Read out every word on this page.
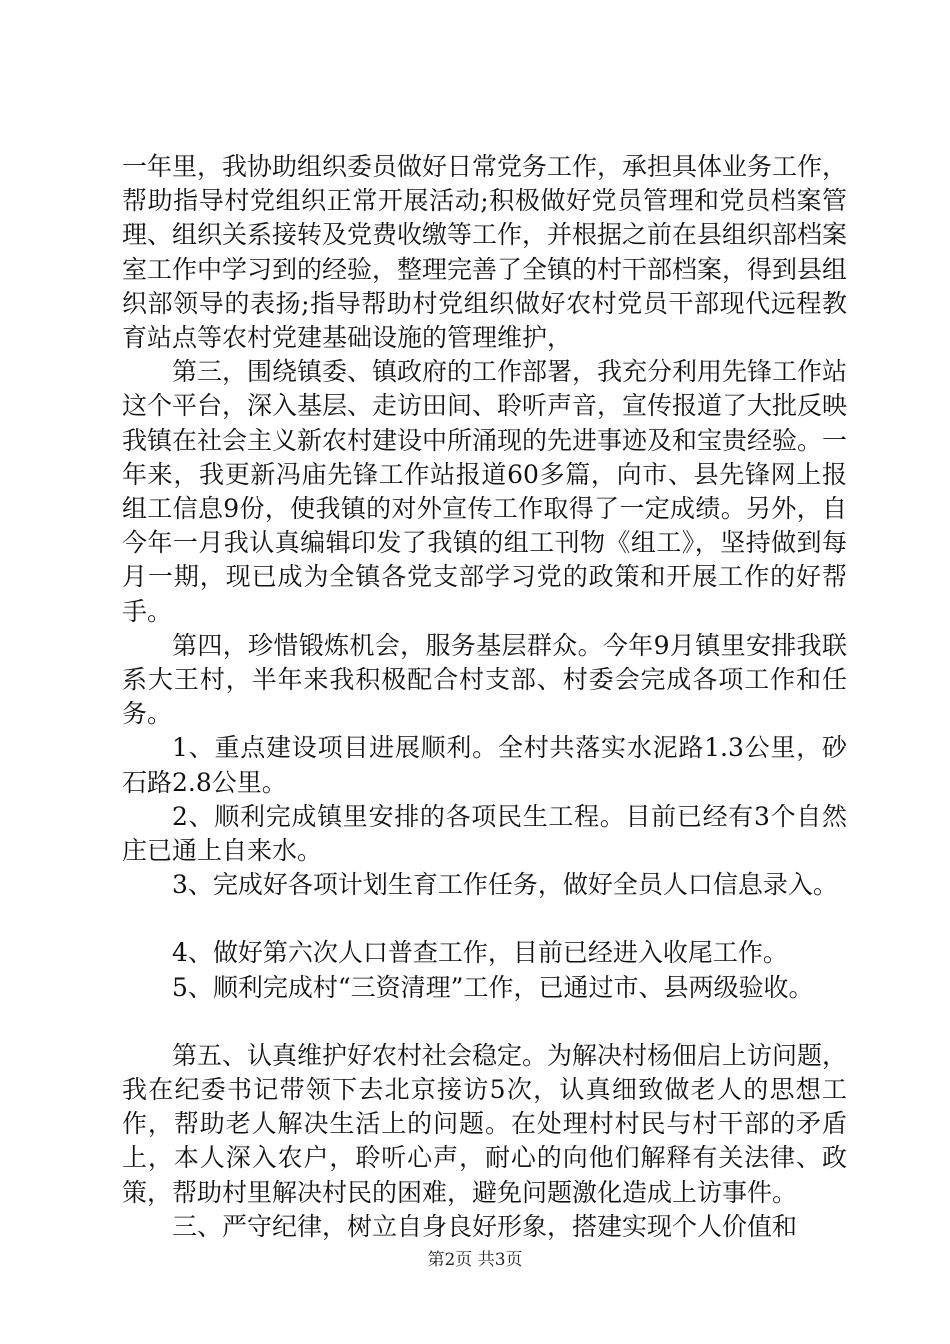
一年里，我协助组织委员做好日常党务工作，承担具体业务工作，帮助指导村党组织正常开展活动;积极做好党员管理和党员档案管理、组织关系接转及党费收缴等工作，并根据之前在县组织部档案室工作中学习到的经验，整理完善了全镇的村干部档案，得到县组织部领导的表扬;指导帮助村党组织做好农村党员干部现代远程教育站点等农村党建基础设施的管理维护，

第三，围绕镇委、镇政府的工作部署，我充分利用先锋工作站这个平台，深入基层、走访田间、聆听声音，宣传报道了大批反映我镇在社会主义新农村建设中所涌现的先进事迹及和宝贵经验。一年来，我更新冯庙先锋工作站报道60多篇，向市、县先锋网上报组工信息9份，使我镇的对外宣传工作取得了一定成绩。另外，自今年一月我认真编辑印发了我镇的组工刊物《组工》，坚持做到每月一期，现已成为全镇各党支部学习党的政策和开展工作的好帮手。

第四，珍惜锻炼机会，服务基层群众。今年9月镇里安排我联系大王村，半年来我积极配合村支部、村委会完成各项工作和任务。

1、重点建设项目进展顺利。全村共落实水泥路1.3公里，砂石路2.8公里。

2、顺利完成镇里安排的各项民生工程。目前已经有3个自然庄已通上自来水。

3、完成好各项计划生育工作任务，做好全员人口信息录入。

4、做好第六次人口普查工作，目前已经进入收尾工作。

5、顺利完成村“三资清理”工作，已通过市、县两级验收。

第五、认真维护好农村社会稳定。为解决村杨佃启上访问题，我在纪委书记带领下去北京接访5次，认真细致做老人的思想工作，帮助老人解决生活上的问题。在处理村村民与村干部的矛盾上，本人深入农户，聆听心声，耐心的向他们解释有关法律、政策，帮助村里解决村民的困难，避免问题激化造成上访事件。

三、严守纪律，树立自身良好形象，搭建实现个人价值和

第2页 共3页
